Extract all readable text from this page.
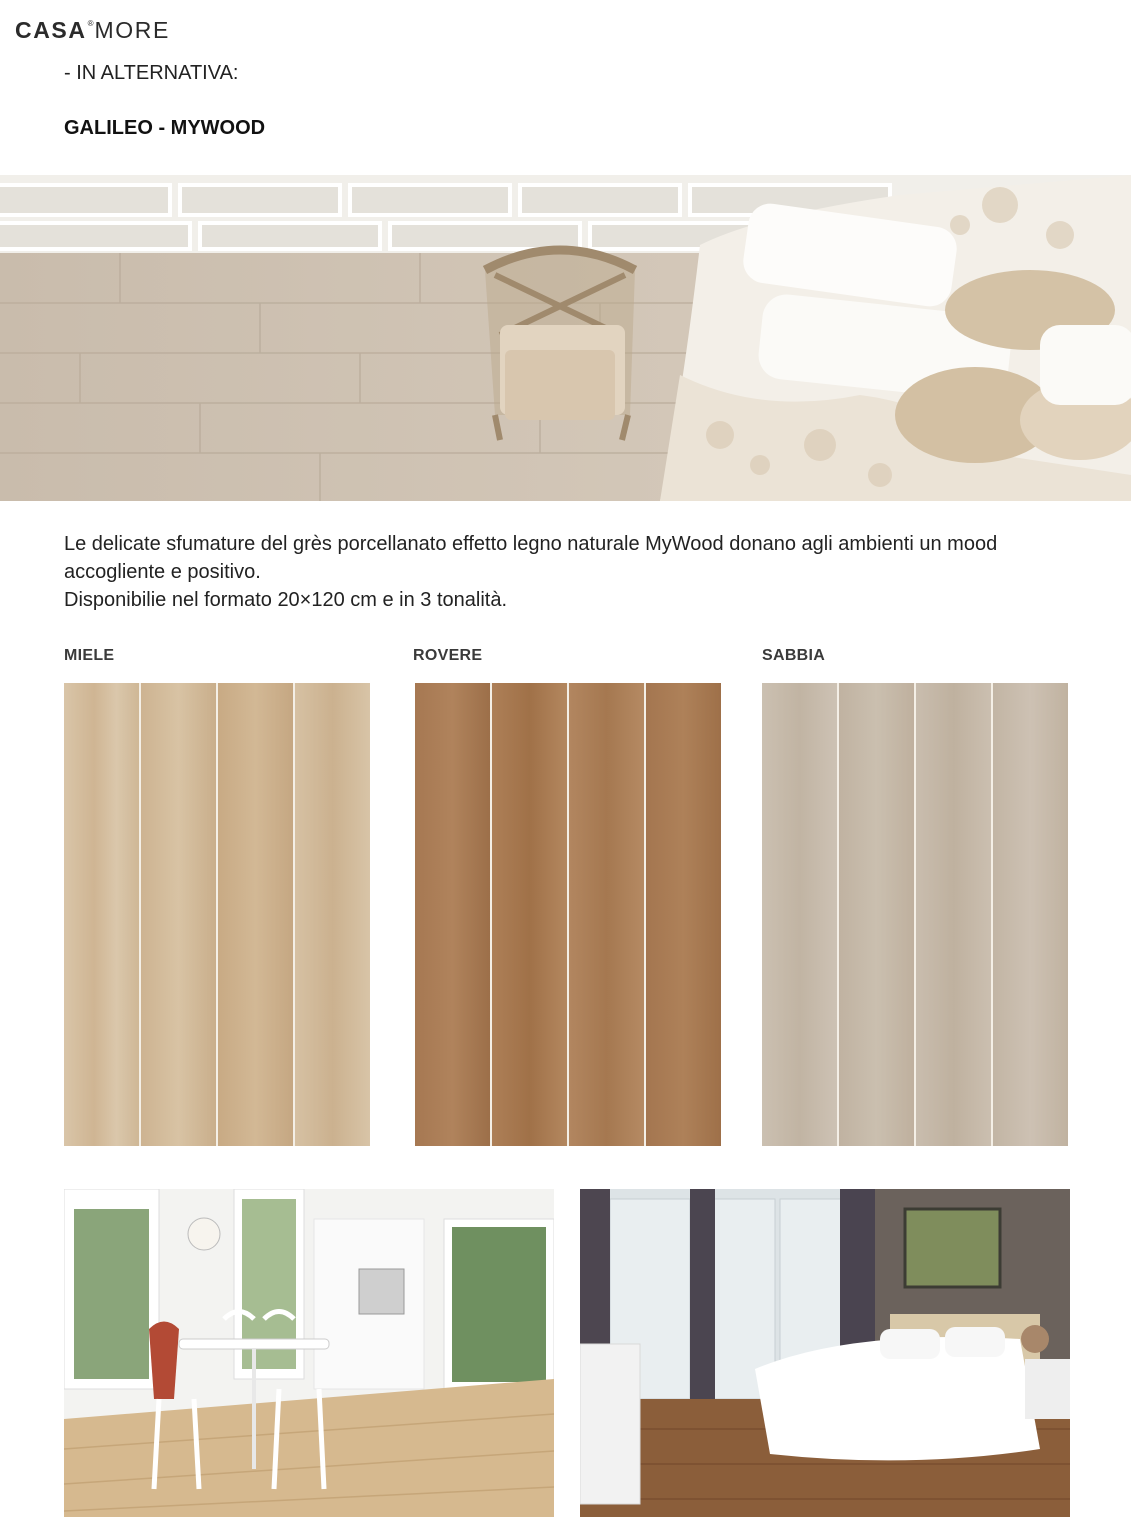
CASA®MORE
- IN ALTERNATIVA:
GALILEO - MYWOOD

Le delicate sfumature del grès porcellanato effetto legno naturale MyWood donano agli ambienti un mood accogliente e positivo.

Disponibilie nel formato 20×120 cm e in 3 tonalità.

MIELE	ROVERE	SABBIA
